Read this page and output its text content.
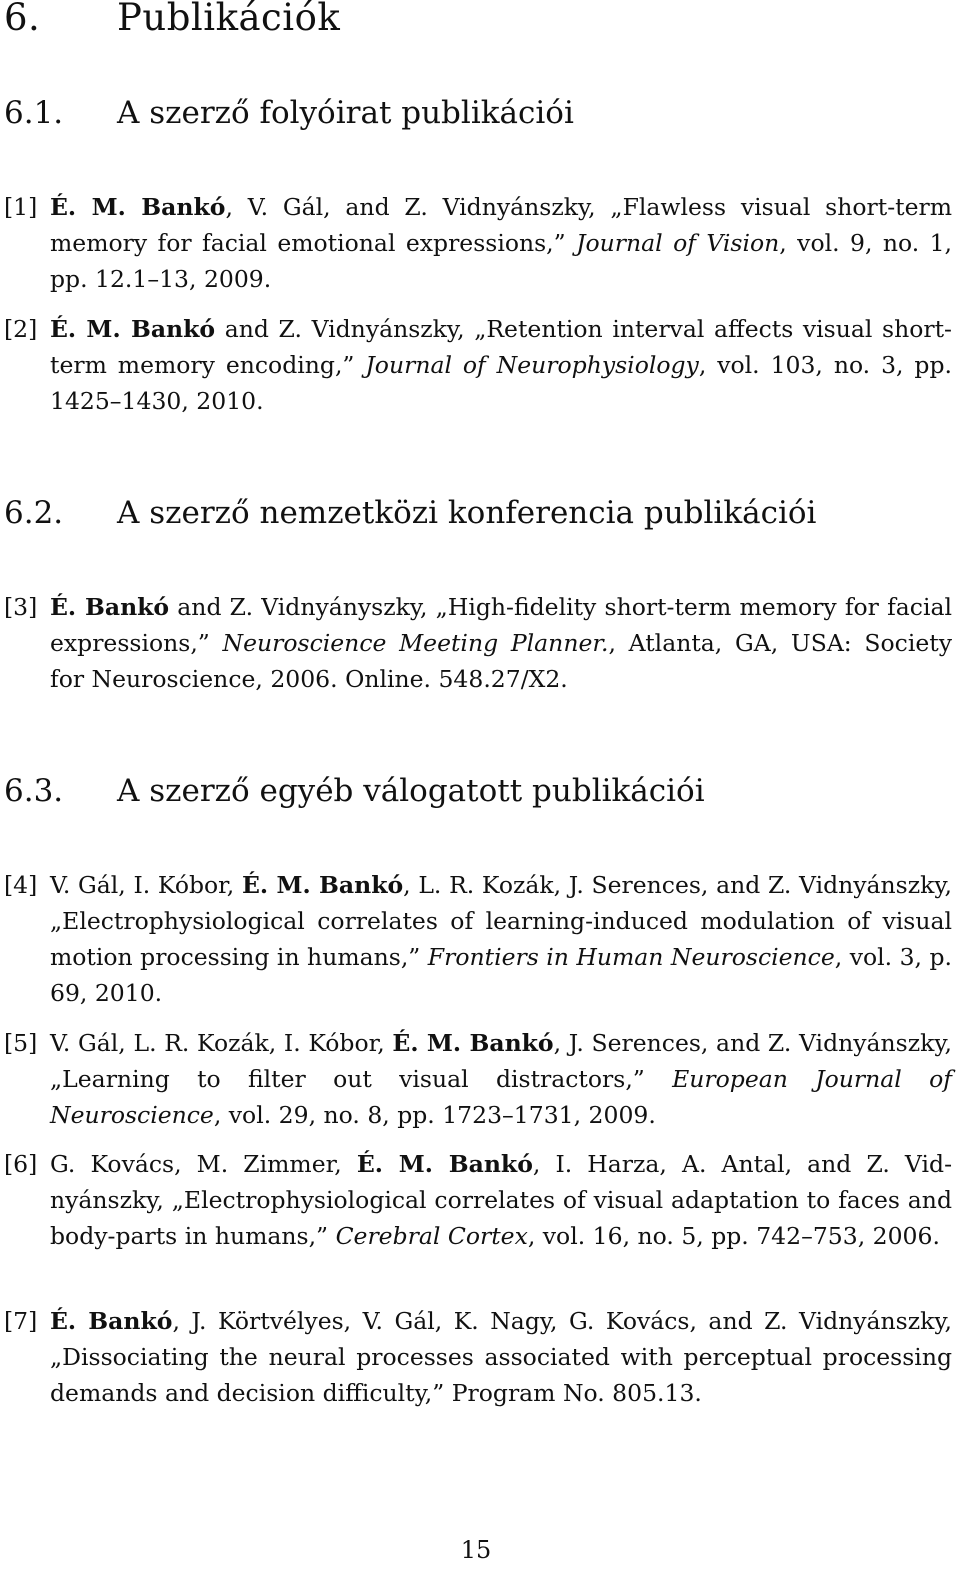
6. Publikációk
6.1. A szerző folyóirat publikációi
[1] É. M. Bankó, V. Gál, and Z. Vidnyánszky, „Flawless visual short-term memory for facial emotional expressions,” Journal of Vision, vol. 9, no. 1, pp. 12.1–13, 2009.
[2] É. M. Bankó and Z. Vidnyánszky, „Retention interval affects visual short-term memory encoding,” Journal of Neurophysiology, vol. 103, no. 3, pp. 1425–1430, 2010.
6.2. A szerző nemzetközi konferencia publikációi
[3] É. Bankó and Z. Vidnyányszky, „High-fidelity short-term memory for facial expressions,” Neuroscience Meeting Planner., Atlanta, GA, USA: Society for Neuroscience, 2006. Online. 548.27/X2.
6.3. A szerző egyéb válogatott publikációi
[4] V. Gál, I. Kóbor, É. M. Bankó, L. R. Kozák, J. Serences, and Z. Vidnyánszky, „Electrophysiological correlates of learning-induced modulation of visual motion processing in humans,” Frontiers in Human Neuroscience, vol. 3, p. 69, 2010.
[5] V. Gál, L. R. Kozák, I. Kóbor, É. M. Bankó, J. Serences, and Z. Vidnyánszky, „Learning to filter out visual distractors,” European Journal of Neuroscience, vol. 29, no. 8, pp. 1723–1731, 2009.
[6] G. Kovács, M. Zimmer, É. M. Bankó, I. Harza, A. Antal, and Z. Vidnyánszky, „Electrophysiological correlates of visual adaptation to faces and body-parts in humans,” Cerebral Cortex, vol. 16, no. 5, pp. 742–753, 2006.
[7] É. Bankó, J. Körtvélyes, V. Gál, K. Nagy, G. Kovács, and Z. Vidnyánszky, „Dissociating the neural processes associated with perceptual processing demands and decision difficulty,” Program No. 805.13.
15
